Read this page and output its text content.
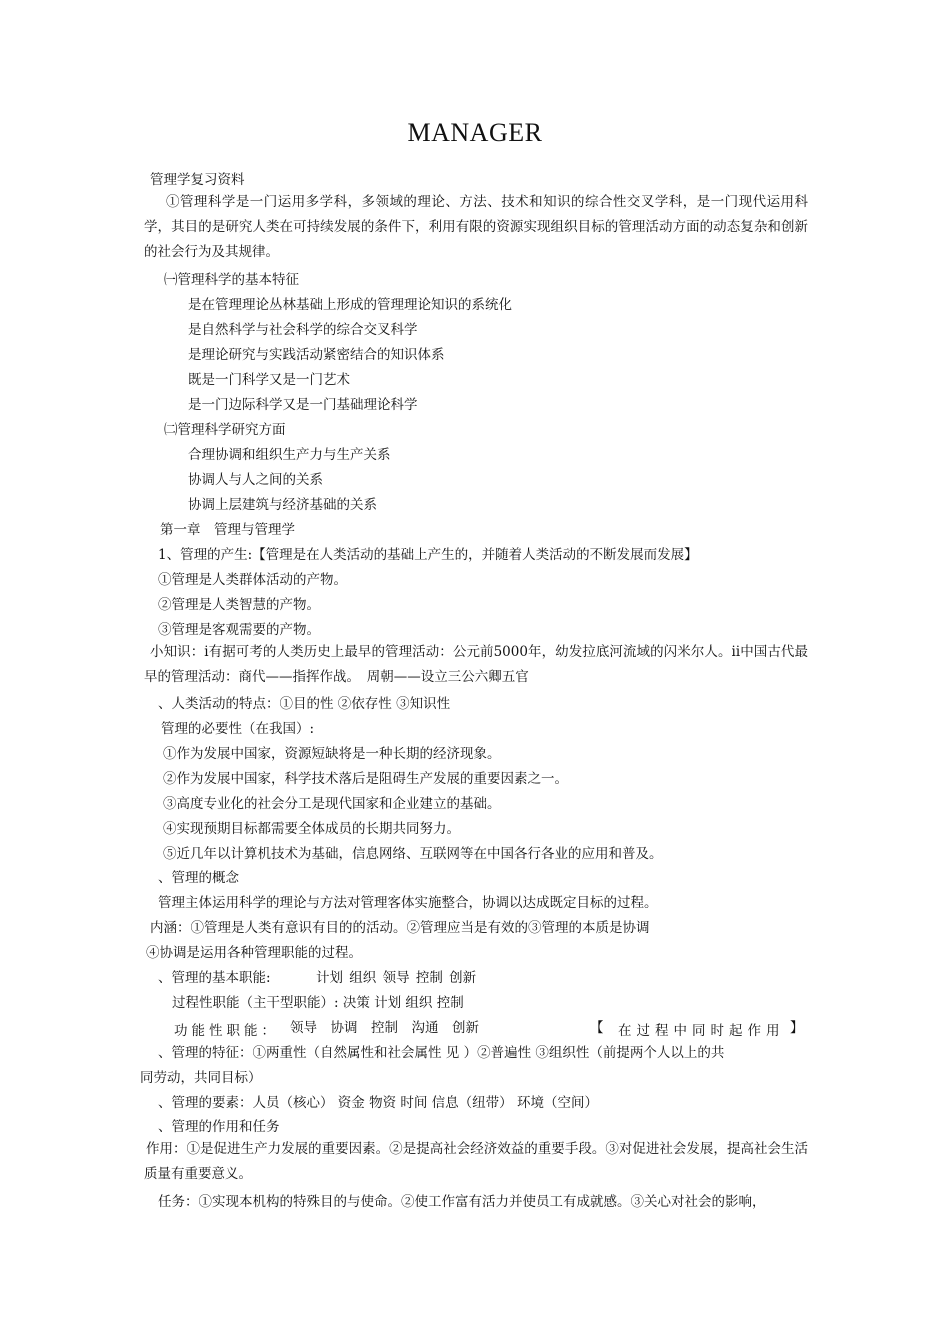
MANAGER
管理学复习资料
①管理科学是一门运用多学科，多领域的理论、方法、技术和知识的综合性交叉学科，是一门现代运用科学，其目的是研究人类在可持续发展的条件下，利用有限的资源实现组织目标的管理活动方面的动态复杂和创新的社会行为及其规律。
㈠管理科学的基本特征
是在管理理论丛林基础上形成的管理理论知识的系统化
是自然科学与社会科学的综合交叉科学
是理论研究与实践活动紧密结合的知识体系
既是一门科学又是一门艺术
是一门边际科学又是一门基础理论科学
㈡管理科学研究方面
合理协调和组织生产力与生产关系
协调人与人之间的关系
协调上层建筑与经济基础的关系
第一章　管理与管理学
1、管理的产生:【管理是在人类活动的基础上产生的，并随着人类活动的不断发展而发展】
①管理是人类群体活动的产物。
②管理是人类智慧的产物。
③管理是客观需要的产物。
小知识：ⅰ有据可考的人类历史上最早的管理活动：公元前5000年，幼发拉底河流域的闪米尔人。ⅱ中国古代最早的管理活动：商代——指挥作战。　周朝——设立三公六卿五官
、人类活动的特点：①目的性 ②依存性 ③知识性
管理的必要性（在我国）:
①作为发展中国家，资源短缺将是一种长期的经济现象。
②作为发展中国家，科学技术落后是阻碍生产发展的重要因素之一。
③高度专业化的社会分工是现代国家和企业建立的基础。
④实现预期目标都需要全体成员的长期共同努力。
⑤近几年以计算机技术为基础，信息网络、互联网等在中国各行各业的应用和普及。
、管理的概念
管理主体运用科学的理论与方法对管理客体实施整合，协调以达成既定目标的过程。
内涵：①管理是人类有意识有目的的活动。②管理应当是有效的③管理的本质是协调
④协调是运用各种管理职能的过程。
、管理的基本职能:	计划 组织 领导 控制 创新
过程性职能（主干型职能）: 决策 计划 组织 控制
功能性职能： 领导　协调　控制　沟通　创新	【 在过程中同时起作用 】
、管理的特征：①两重性（自然属性和社会属性 见 ）②普遍性 ③组织性（前提两个人以上的共
同劳动，共同目标）
、管理的要素：人员（核心） 资金 物资 时间 信息（纽带） 环境（空间）
、管理的作用和任务
作用：①是促进生产力发展的重要因素。②是提高社会经济效益的重要手段。③对促进社会发展，提高社会生活质量有重要意义。
任务：①实现本机构的特殊目的与使命。②使工作富有活力并使员工有成就感。③关心对社会的影响，
